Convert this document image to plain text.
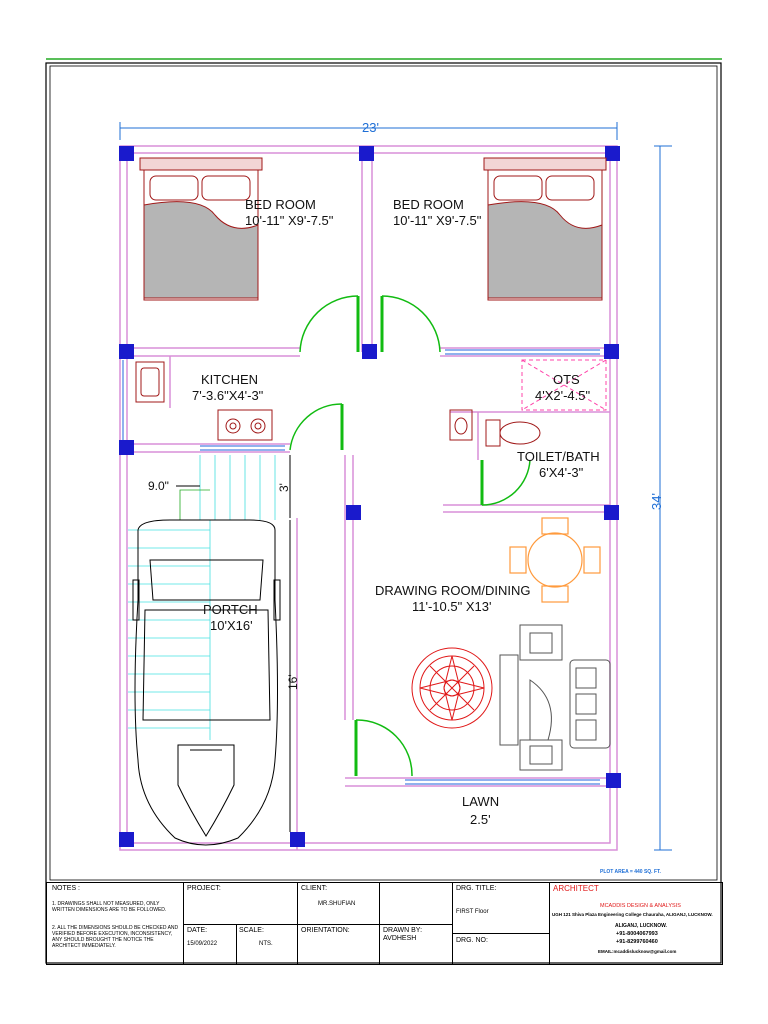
23'
34'
BED ROOM
10'-11" X9'-7.5"
BED ROOM
10'-11" X9'-7.5"
KITCHEN
7'-3.6"X4'-3"
OTS
4'X2'-4.5"
TOILET/BATH
6'X4'-3"
DRAWING ROOM/DINING
11'-10.5" X13'
PORTCH
10'X16'
LAWN
2.5'
9.0"	3'
16'
PLOT AREA = 440 SQ. FT.
NOTES :
1. DRAWINGS SHALL NOT MEASURED, ONLY WRITTEN DIMENSIONS ARE TO BE FOLLOWED.
2. ALL THE DIMENSIONS SHOULD BE CHECKED AND VERIFIED BEFORE EXECUTION, INCONSISTENCY, ANY SHOULD BROUGHT THE NOTICE THE ARCHITECT IMMEDIATELY.
PROJECT:	CLIENT:
MR.SHUFIAN
DRAWN BY:
AVDHESH
DRG. TITLE:
FIRST Floor
DRG. NO:
ARCHITECT
MCADDIS DESIGN & ANALYSIS
UGH 121 Shiva Plaza Engineering College Chauraha, ALIGANJ, LUCKNOW.
ALIGANJ, LUCKNOW.
+91-8004067993
+91-8299760460
EMAIL:mcaddislucknow@gmail.com
DATE:
15/09/2022
SCALE:
NTS.
ORIENTATION:
